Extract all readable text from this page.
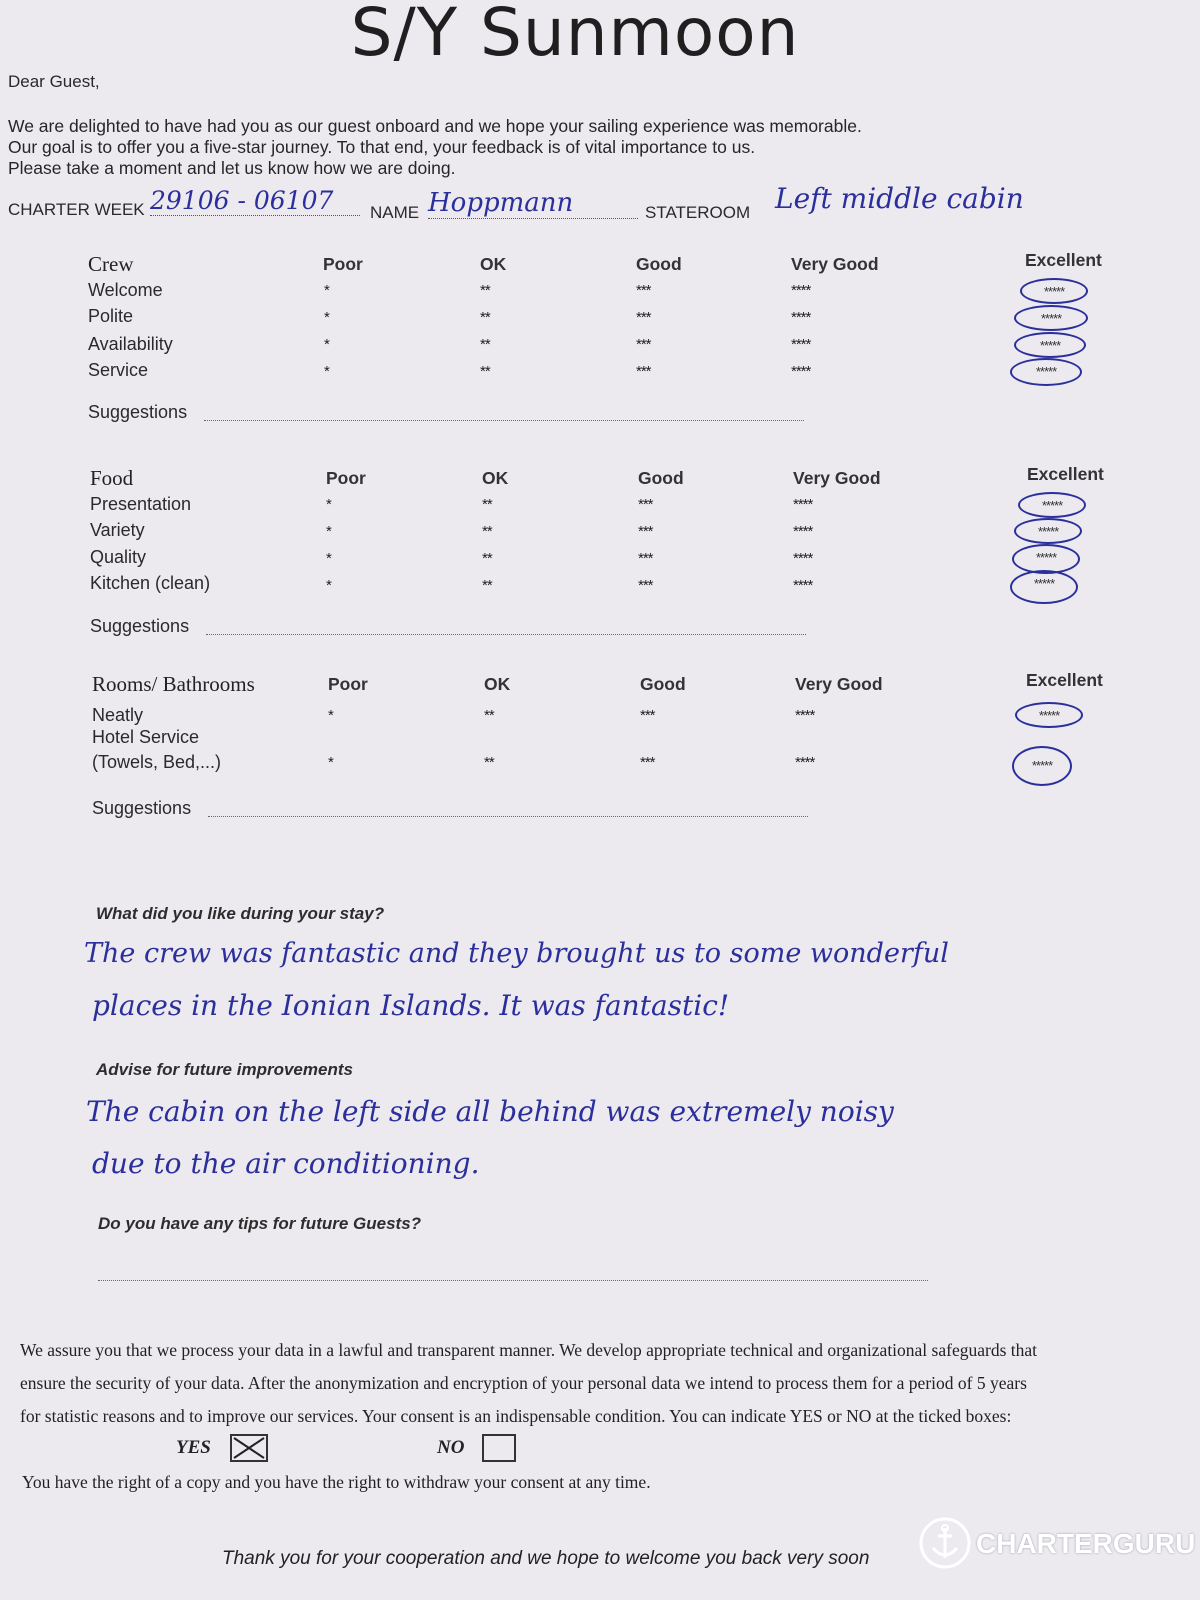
S/Y Sunmoon
Dear Guest,
We are delighted to have had you as our guest onboard and we hope your sailing experience was memorable.
Our goal is to offer you a five-star journey. To that end, your feedback is of vital importance to us.
Please take a moment and let us know how we are doing.
CHARTER WEEK 29106 - 06107	NAME Hoppmann	STATEROOM Left middle cabin
Crew	Poor	OK	Good	Very Good	Excellent
Welcome	*	**	***	****	*****
Polite	*	**	***	****	*****
Availability	*	**	***	****	*****
Service	*	**	***	****	*****
Suggestions
Food	Poor	OK	Good	Very Good	Excellent
Presentation	*	**	***	****	*****
Variety	*	**	***	****	*****
Quality	*	**	***	****	*****
Kitchen (clean)	*	**	***	****	*****
Suggestions
Rooms/ Bathrooms	Poor	OK	Good	Very Good	Excellent
Neatly	*	**	***	****	*****
Hotel Service
(Towels, Bed,...)	*	**	***	****	*****
Suggestions
What did you like during your stay?
The crew was fantastic and they brought us to some wonderful
places in the Ionian Islands. It was fantastic!
Advise for future improvements
The cabin on the left side all behind was extremely noisy
due to the air conditioning.
Do you have any tips for future Guests?
We assure you that we process your data in a lawful and transparent manner. We develop appropriate technical and organizational safeguards that
ensure the security of your data. After the anonymization and encryption of your personal data we intend to process them for a period of 5 years
for statistic reasons and to improve our services. Your consent is an indispensable condition. You can indicate YES or NO at the ticked boxes:
YES	NO
You have the right of a copy and you have the right to withdraw your consent at any time.
Thank you for your cooperation and we hope to welcome you back very soon	CHARTERGURU
